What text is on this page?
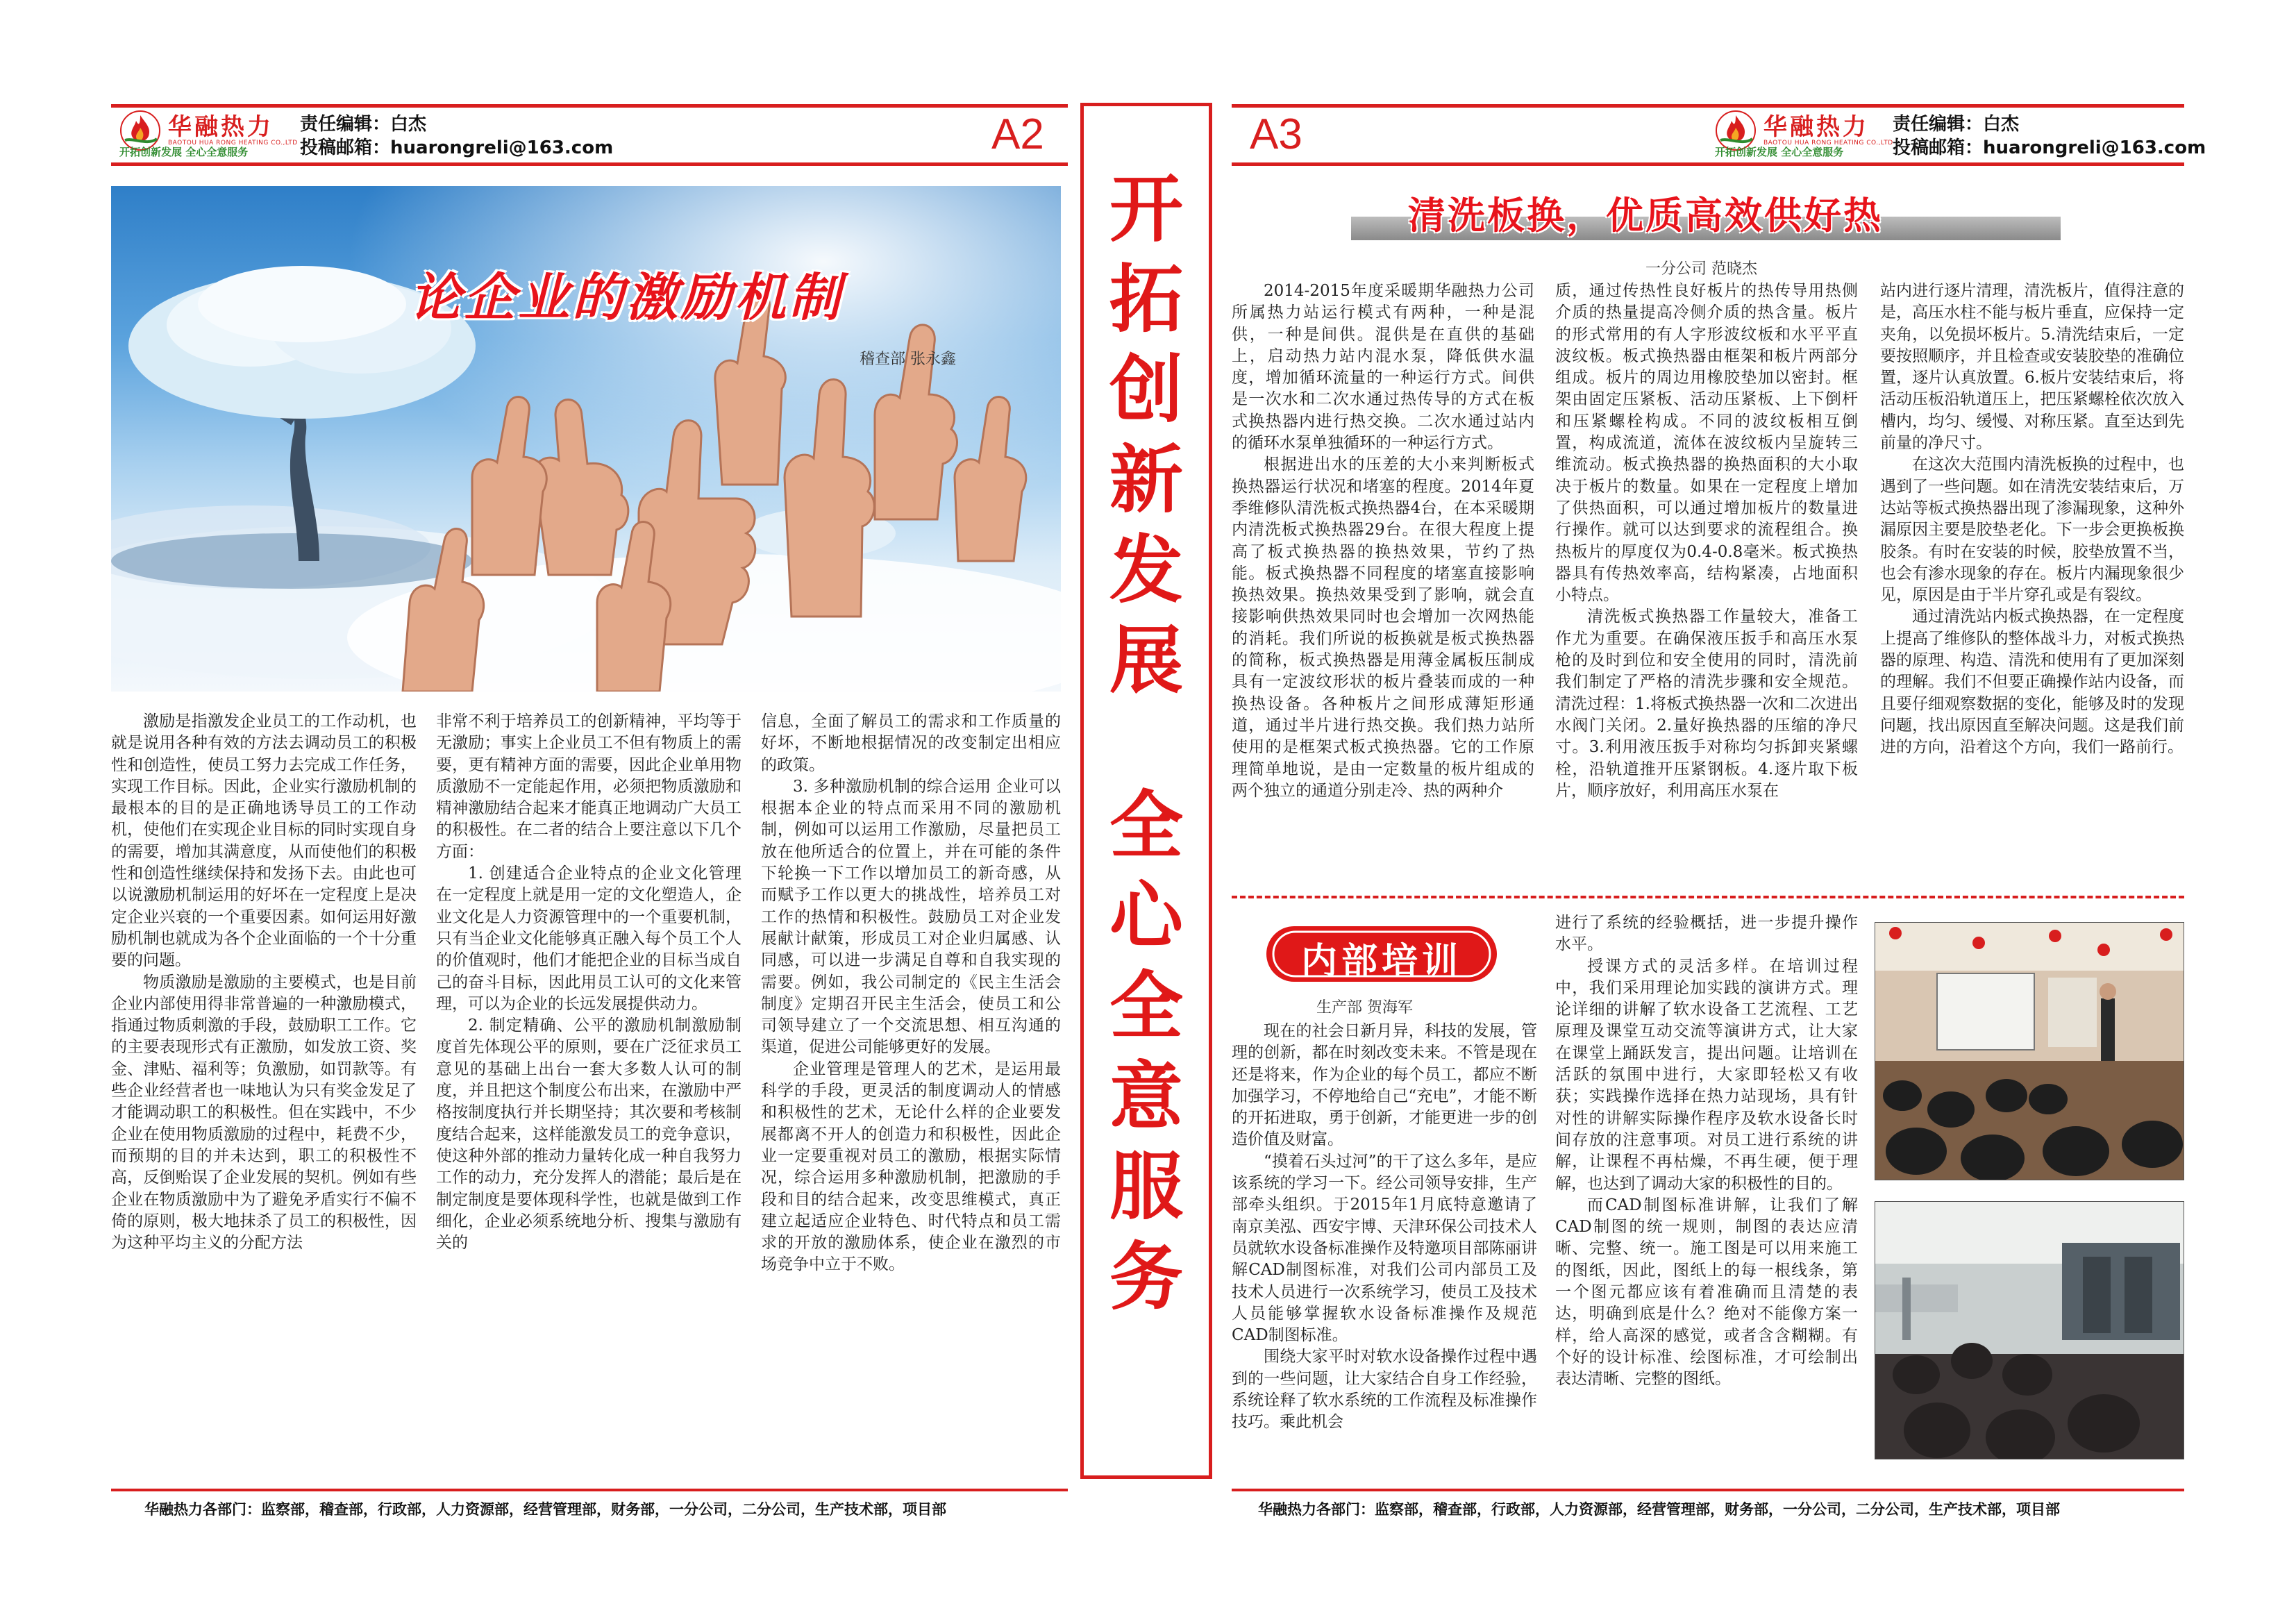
华融热力
BAOTOU HUA RONG HEATING CO.,LTD
开拓创新发展 全心全意服务
责任编辑：白杰
投稿邮箱：huarongreli@163.com	A2
论企业的激励机制
稽查部 张永鑫

激励是指激发企业员工的工作动机，也就是说用各种有效的方法去调动员工的积极性和创造性，使员工努力去完成工作任务，实现工作目标。因此，企业实行激励机制的最根本的目的是正确地诱导员工的工作动机，使他们在实现企业目标的同时实现自身的需要，增加其满意度，从而使他们的积极性和创造性继续保持和发扬下去。由此也可以说激励机制运用的好坏在一定程度上是决定企业兴衰的一个重要因素。如何运用好激励机制也就成为各个企业面临的一个十分重要的问题。

物质激励是激励的主要模式，也是目前企业内部使用得非常普遍的一种激励模式，指通过物质刺激的手段，鼓励职工工作。它的主要表现形式有正激励，如发放工资、奖金、津贴、福利等；负激励，如罚款等。有些企业经营者也一味地认为只有奖金发足了才能调动职工的积极性。但在实践中，不少企业在使用物质激励的过程中，耗费不少，而预期的目的并未达到，职工的积极性不高，反倒贻误了企业发展的契机。例如有些企业在物质激励中为了避免矛盾实行不偏不倚的原则，极大地抹杀了员工的积极性，因为这种平均主义的分配方法

非常不利于培养员工的创新精神，平均等于无激励；事实上企业员工不但有物质上的需要，更有精神方面的需要，因此企业单用物质激励不一定能起作用，必须把物质激励和精神激励结合起来才能真正地调动广大员工的积极性。在二者的结合上要注意以下几个方面：

1. 创建适合企业特点的企业文化管理在一定程度上就是用一定的文化塑造人，企业文化是人力资源管理中的一个重要机制，只有当企业文化能够真正融入每个员工个人的价值观时，他们才能把企业的目标当成自己的奋斗目标，因此用员工认可的文化来管理，可以为企业的长远发展提供动力。

2. 制定精确、公平的激励机制激励制度首先体现公平的原则，要在广泛征求员工意见的基础上出台一套大多数人认可的制度，并且把这个制度公布出来，在激励中严格按制度执行并长期坚持；其次要和考核制度结合起来，这样能激发员工的竞争意识，使这种外部的推动力量转化成一种自我努力工作的动力，充分发挥人的潜能；最后是在制定制度是要体现科学性，也就是做到工作细化，企业必须系统地分析、搜集与激励有关的

信息，全面了解员工的需求和工作质量的好坏，不断地根据情况的改变制定出相应的政策。

3. 多种激励机制的综合运用 企业可以根据本企业的特点而采用不同的激励机制，例如可以运用工作激励，尽量把员工放在他所适合的位置上，并在可能的条件下轮换一下工作以增加员工的新奇感，从而赋予工作以更大的挑战性，培养员工对工作的热情和积极性。鼓励员工对企业发展献计献策，形成员工对企业归属感、认同感，可以进一步满足自尊和自我实现的需要。例如，我公司制定的《民主生活会制度》定期召开民主生活会，使员工和公司领导建立了一个交流思想、相互沟通的渠道，促进公司能够更好的发展。

企业管理是管理人的艺术，是运用最科学的手段，更灵活的制度调动人的情感和积极性的艺术，无论什么样的企业要发展都离不开人的创造力和积极性，因此企业一定要重视对员工的激励，根据实际情况，综合运用多种激励机制，把激励的手段和目的结合起来，改变思维模式，真正建立起适应企业特色、时代特点和员工需求的开放的激励体系，使企业在激烈的市场竞争中立于不败。

华融热力各部门：监察部，稽查部，行政部，人力资源部，经营管理部，财务部，一分公司，二分公司，生产技术部，项目部
开
拓
创
新
发
展
全
心
全
意
服
务
A3	华融热力
BAOTOU HUA RONG HEATING CO.,LTD
开拓创新发展 全心全意服务
责任编辑：白杰
投稿邮箱：huarongreli@163.com
清洗板换，优质高效供好热
一分公司 范晓杰

2014-2015年度采暖期华融热力公司所属热力站运行模式有两种，一种是混供，一种是间供。混供是在直供的基础上，启动热力站内混水泵，降低供水温度，增加循环流量的一种运行方式。间供是一次水和二次水通过热传导的方式在板式换热器内进行热交换。二次水通过站内的循环水泵单独循环的一种运行方式。

根据进出水的压差的大小来判断板式换热器运行状况和堵塞的程度。2014年夏季维修队清洗板式换热器4台，在本采暖期内清洗板式换热器29台。在很大程度上提高了板式换热器的换热效果，节约了热能。板式换热器不同程度的堵塞直接影响换热效果。换热效果受到了影响，就会直接影响供热效果同时也会增加一次网热能的消耗。我们所说的板换就是板式换热器的简称，板式换热器是用薄金属板压制成具有一定波纹形状的板片叠装而成的一种换热设备。各种板片之间形成薄矩形通道，通过半片进行热交换。我们热力站所使用的是框架式板式换热器。它的工作原理简单地说，是由一定数量的板片组成的两个独立的通道分别走冷、热的两种介

质，通过传热性良好板片的热传导用热侧介质的热量提高冷侧介质的热含量。板片的形式常用的有人字形波纹板和水平平直波纹板。板式换热器由框架和板片两部分组成。板片的周边用橡胶垫加以密封。框架由固定压紧板、活动压紧板、上下倒杆和压紧螺栓构成。不同的波纹板相互倒置，构成流道，流体在波纹板内呈旋转三维流动。板式换热器的换热面积的大小取决于板片的数量。如果在一定程度上增加了供热面积，可以通过增加板片的数量进行操作。就可以达到要求的流程组合。换热板片的厚度仅为0.4-0.8毫米。板式换热器具有传热效率高，结构紧凑，占地面积小特点。

清洗板式换热器工作量较大，准备工作尤为重要。在确保液压扳手和高压水泵枪的及时到位和安全使用的同时，清洗前我们制定了严格的清洗步骤和安全规范。清洗过程：1.将板式换热器一次和二次进出水阀门关闭。2.量好换热器的压缩的净尺寸。3.利用液压扳手对称均匀拆卸夹紧螺栓，沿轨道推开压紧钢板。4.逐片取下板片，顺序放好，利用高压水泵在

站内进行逐片清理，清洗板片，值得注意的是，高压水柱不能与板片垂直，应保持一定夹角，以免损坏板片。5.清洗结束后，一定要按照顺序，并且检查或安装胶垫的准确位置，逐片认真放置。6.板片安装结束后，将活动压板沿轨道压上，把压紧螺栓依次放入槽内，均匀、缓慢、对称压紧。直至达到先前量的净尺寸。

在这次大范围内清洗板换的过程中，也遇到了一些问题。如在清洗安装结束后，万达站等板式换热器出现了渗漏现象，这种外漏原因主要是胶垫老化。下一步会更换板换胶条。有时在安装的时候，胶垫放置不当，也会有渗水现象的存在。板片内漏现象很少见，原因是由于半片穿孔或是有裂纹。

通过清洗站内板式换热器，在一定程度上提高了维修队的整体战斗力，对板式换热器的原理、构造、清洗和使用有了更加深刻的理解。我们不但要正确操作站内设备，而且要仔细观察数据的变化，能够及时的发现问题，找出原因直至解决问题。这是我们前进的方向，沿着这个方向，我们一路前行。

内部培训
生产部 贺海军

现在的社会日新月异，科技的发展，管理的创新，都在时刻改变未来。不管是现在还是将来，作为企业的每个员工，都应不断加强学习，不停地给自己“充电”，才能不断的开拓进取，勇于创新，才能更进一步的创造价值及财富。

“摸着石头过河”的干了这么多年，是应该系统的学习一下。经公司领导安排，生产部牵头组织。于2015年1月底特意邀请了南京美泓、西安宇博、天津环保公司技术人员就软水设备标准操作及特邀项目部陈丽讲解CAD制图标准，对我们公司内部员工及技术人员进行一次系统学习，使员工及技术人员能够掌握软水设备标准操作及规范CAD制图标准。

围绕大家平时对软水设备操作过程中遇到的一些问题，让大家结合自身工作经验，系统诠释了软水系统的工作流程及标准操作技巧。乘此机会

进行了系统的经验概括，进一步提升操作水平。

授课方式的灵活多样。在培训过程中，我们采用理论加实践的演讲方式。理论详细的讲解了软水设备工艺流程、工艺原理及课堂互动交流等演讲方式，让大家在课堂上踊跃发言，提出问题。让培训在活跃的氛围中进行，大家即轻松又有收获；实践操作选择在热力站现场，具有针对性的讲解实际操作程序及软水设备长时间存放的注意事项。对员工进行系统的讲解，让课程不再枯燥，不再生硬，便于理解，也达到了调动大家的积极性的目的。

而CAD制图标准讲解，让我们了解CAD制图的统一规则，制图的表达应清晰、完整、统一。施工图是可以用来施工的图纸，因此，图纸上的每一根线条，第一个图元都应该有着准确而且清楚的表达，明确到底是什么？绝对不能像方案一样，给人高深的感觉，或者含含糊糊。有个好的设计标准、绘图标准，才可绘制出表达清晰、完整的图纸。

华融热力各部门：监察部，稽查部，行政部，人力资源部，经营管理部，财务部，一分公司，二分公司，生产技术部，项目部
